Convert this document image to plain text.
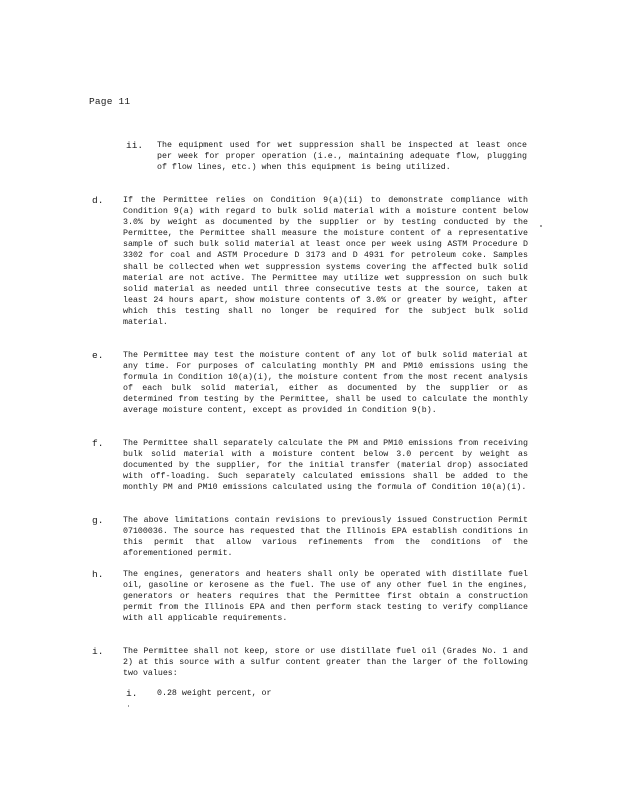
Page 11
ii. The equipment used for wet suppression shall be inspected at least once per week for proper operation (i.e., maintaining adequate flow, plugging of flow lines, etc.) when this equipment is being utilized.
d. If the Permittee relies on Condition 9(a)(ii) to demonstrate compliance with Condition 9(a) with regard to bulk solid material with a moisture content below 3.0% by weight as documented by the supplier or by testing conducted by the Permittee, the Permittee shall measure the moisture content of a representative sample of such bulk solid material at least once per week using ASTM Procedure D 3302 for coal and ASTM Procedure D 3173 and D 4931 for petroleum coke. Samples shall be collected when wet suppression systems covering the affected bulk solid material are not active. The Permittee may utilize wet suppression on such bulk solid material as needed until three consecutive tests at the source, taken at least 24 hours apart, show moisture contents of 3.0% or greater by weight, after which this testing shall no longer be required for the subject bulk solid material.
e. The Permittee may test the moisture content of any lot of bulk solid material at any time. For purposes of calculating monthly PM and PM10 emissions using the formula in Condition 10(a)(i), the moisture content from the most recent analysis of each bulk solid material, either as documented by the supplier or as determined from testing by the Permittee, shall be used to calculate the monthly average moisture content, except as provided in Condition 9(b).
f. The Permittee shall separately calculate the PM and PM10 emissions from receiving bulk solid material with a moisture content below 3.0 percent by weight as documented by the supplier, for the initial transfer (material drop) associated with off-loading. Such separately calculated emissions shall be added to the monthly PM and PM10 emissions calculated using the formula of Condition 10(a)(i).
g. The above limitations contain revisions to previously issued Construction Permit 07100036. The source has requested that the Illinois EPA establish conditions in this permit that allow various refinements from the conditions of the aforementioned permit.
h. The engines, generators and heaters shall only be operated with distillate fuel oil, gasoline or kerosene as the fuel. The use of any other fuel in the engines, generators or heaters requires that the Permittee first obtain a construction permit from the Illinois EPA and then perform stack testing to verify compliance with all applicable requirements.
i. The Permittee shall not keep, store or use distillate fuel oil (Grades No. 1 and 2) at this source with a sulfur content greater than the larger of the following two values:
i. 0.28 weight percent, or
